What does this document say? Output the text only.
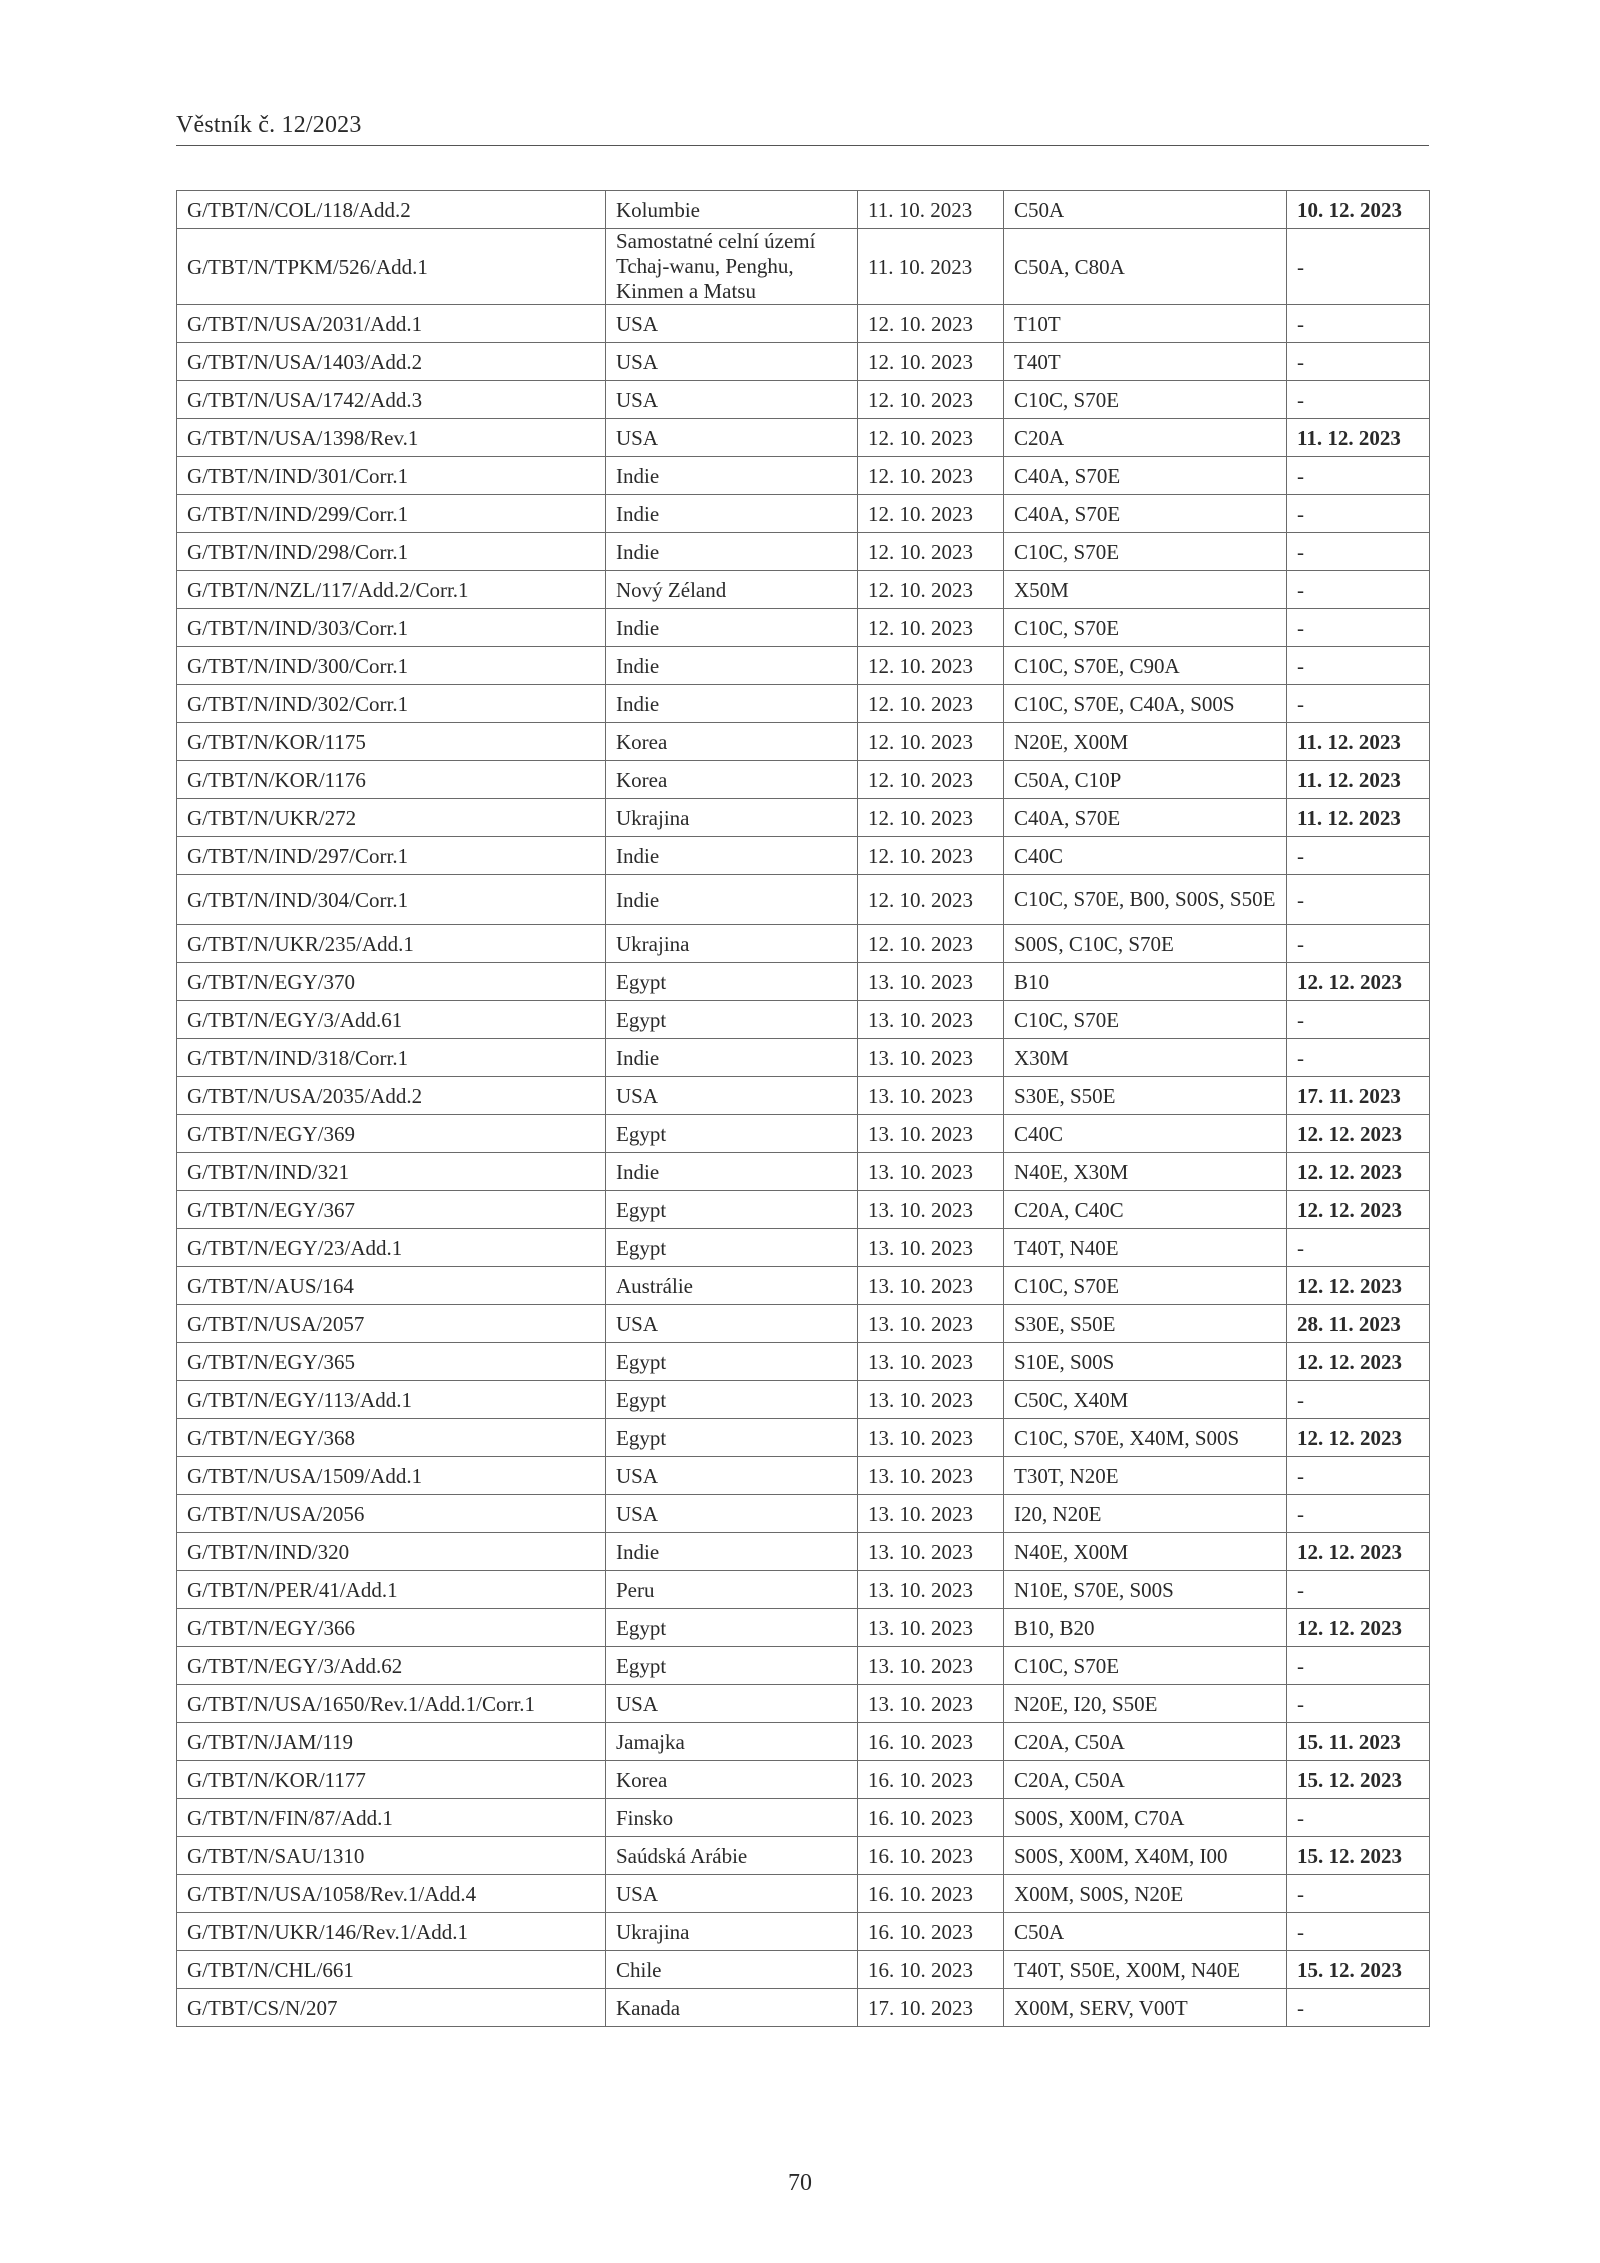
Věstník č. 12/2023
G/TBT/N/COL/118/Add.2	Kolumbie	11. 10. 2023	C50A	10. 12. 2023
G/TBT/N/TPKM/526/Add.1	Samostatné celní území Tchaj-wanu, Penghu, Kinmen a Matsu	11. 10. 2023	C50A, C80A	-
G/TBT/N/USA/2031/Add.1	USA	12. 10. 2023	T10T	-
G/TBT/N/USA/1403/Add.2	USA	12. 10. 2023	T40T	-
G/TBT/N/USA/1742/Add.3	USA	12. 10. 2023	C10C, S70E	-
G/TBT/N/USA/1398/Rev.1	USA	12. 10. 2023	C20A	11. 12. 2023
G/TBT/N/IND/301/Corr.1	Indie	12. 10. 2023	C40A, S70E	-
G/TBT/N/IND/299/Corr.1	Indie	12. 10. 2023	C40A, S70E	-
G/TBT/N/IND/298/Corr.1	Indie	12. 10. 2023	C10C, S70E	-
G/TBT/N/NZL/117/Add.2/Corr.1	Nový Zéland	12. 10. 2023	X50M	-
G/TBT/N/IND/303/Corr.1	Indie	12. 10. 2023	C10C, S70E	-
G/TBT/N/IND/300/Corr.1	Indie	12. 10. 2023	C10C, S70E, C90A	-
G/TBT/N/IND/302/Corr.1	Indie	12. 10. 2023	C10C, S70E, C40A, S00S	-
G/TBT/N/KOR/1175	Korea	12. 10. 2023	N20E, X00M	11. 12. 2023
G/TBT/N/KOR/1176	Korea	12. 10. 2023	C50A, C10P	11. 12. 2023
G/TBT/N/UKR/272	Ukrajina	12. 10. 2023	C40A, S70E	11. 12. 2023
G/TBT/N/IND/297/Corr.1	Indie	12. 10. 2023	C40C	-
G/TBT/N/IND/304/Corr.1	Indie	12. 10. 2023	C10C, S70E, B00, S00S, S50E	-
G/TBT/N/UKR/235/Add.1	Ukrajina	12. 10. 2023	S00S, C10C, S70E	-
G/TBT/N/EGY/370	Egypt	13. 10. 2023	B10	12. 12. 2023
G/TBT/N/EGY/3/Add.61	Egypt	13. 10. 2023	C10C, S70E	-
G/TBT/N/IND/318/Corr.1	Indie	13. 10. 2023	X30M	-
G/TBT/N/USA/2035/Add.2	USA	13. 10. 2023	S30E, S50E	17. 11. 2023
G/TBT/N/EGY/369	Egypt	13. 10. 2023	C40C	12. 12. 2023
G/TBT/N/IND/321	Indie	13. 10. 2023	N40E, X30M	12. 12. 2023
G/TBT/N/EGY/367	Egypt	13. 10. 2023	C20A, C40C	12. 12. 2023
G/TBT/N/EGY/23/Add.1	Egypt	13. 10. 2023	T40T, N40E	-
G/TBT/N/AUS/164	Austrálie	13. 10. 2023	C10C, S70E	12. 12. 2023
G/TBT/N/USA/2057	USA	13. 10. 2023	S30E, S50E	28. 11. 2023
G/TBT/N/EGY/365	Egypt	13. 10. 2023	S10E, S00S	12. 12. 2023
G/TBT/N/EGY/113/Add.1	Egypt	13. 10. 2023	C50C, X40M	-
G/TBT/N/EGY/368	Egypt	13. 10. 2023	C10C, S70E, X40M, S00S	12. 12. 2023
G/TBT/N/USA/1509/Add.1	USA	13. 10. 2023	T30T, N20E	-
G/TBT/N/USA/2056	USA	13. 10. 2023	I20, N20E	-
G/TBT/N/IND/320	Indie	13. 10. 2023	N40E, X00M	12. 12. 2023
G/TBT/N/PER/41/Add.1	Peru	13. 10. 2023	N10E, S70E, S00S	-
G/TBT/N/EGY/366	Egypt	13. 10. 2023	B10, B20	12. 12. 2023
G/TBT/N/EGY/3/Add.62	Egypt	13. 10. 2023	C10C, S70E	-
G/TBT/N/USA/1650/Rev.1/Add.1/Corr.1	USA	13. 10. 2023	N20E, I20, S50E	-
G/TBT/N/JAM/119	Jamajka	16. 10. 2023	C20A, C50A	15. 11. 2023
G/TBT/N/KOR/1177	Korea	16. 10. 2023	C20A, C50A	15. 12. 2023
G/TBT/N/FIN/87/Add.1	Finsko	16. 10. 2023	S00S, X00M, C70A	-
G/TBT/N/SAU/1310	Saúdská Arábie	16. 10. 2023	S00S, X00M, X40M, I00	15. 12. 2023
G/TBT/N/USA/1058/Rev.1/Add.4	USA	16. 10. 2023	X00M, S00S, N20E	-
G/TBT/N/UKR/146/Rev.1/Add.1	Ukrajina	16. 10. 2023	C50A	-
G/TBT/N/CHL/661	Chile	16. 10. 2023	T40T, S50E, X00M, N40E	15. 12. 2023
G/TBT/CS/N/207	Kanada	17. 10. 2023	X00M, SERV, V00T	-
70
